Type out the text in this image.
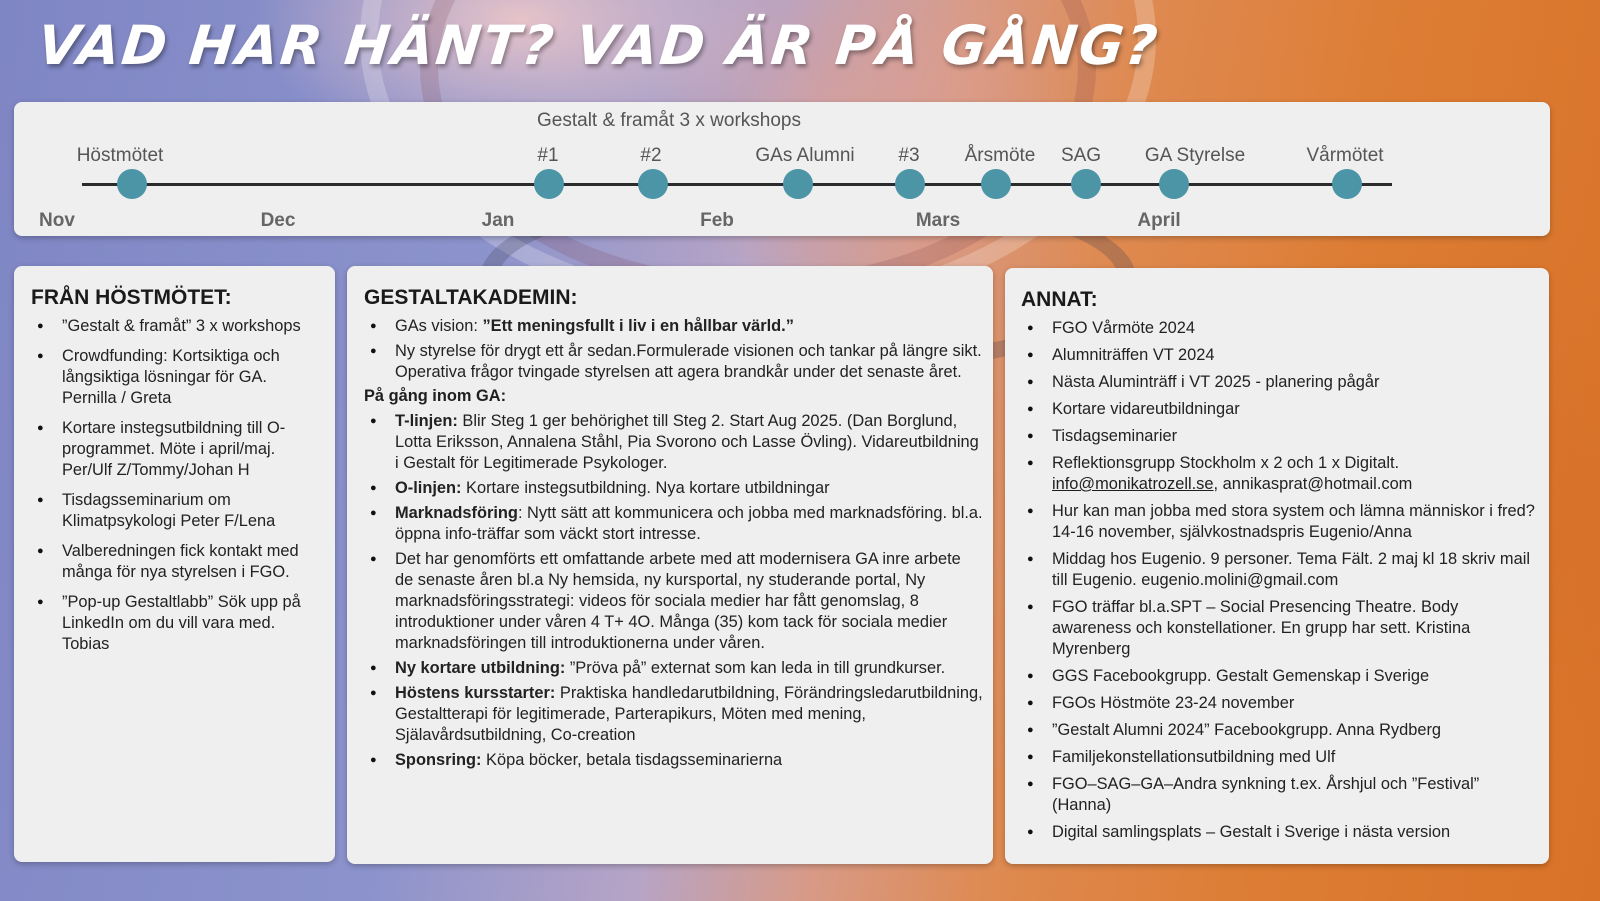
VAD HAR HÄNT? VAD ÄR PÅ GÅNG?
Gestalt & framåt 3 x workshops
Höstmötet	#1	#2	GAs Alumni #3 Årsmöte SAG GA Styrelse	Vårmötet
Nov	Dec	Jan	Feb	Mars	April
FRÅN HÖSTMÖTET:
● ”Gestalt & framåt” 3 x workshops
● Crowdfunding: Kortsiktiga och långsiktiga lösningar för GA. Pernilla / Greta
● Kortare instegsutbildning till O-programmet. Möte i april/maj. Per/Ulf Z/Tommy/Johan H
● Tisdagsseminarium om Klimatpsykologi Peter F/Lena
● Valberedningen fick kontakt med många för nya styrelsen i FGO.
● ”Pop-up Gestaltlabb” Sök upp på LinkedIn om du vill vara med. Tobias
GESTALTAKADEMIN:
● GAs vision: ”Ett meningsfullt i liv i en hållbar värld.”
● Ny styrelse för drygt ett år sedan.Formulerade visionen och tankar på längre sikt. Operativa frågor tvingade styrelsen att agera brandkår under det senaste året.
På gång inom GA:
● T-linjen: Blir Steg 1 ger behörighet till Steg 2. Start Aug 2025. (Dan Borglund, Lotta Eriksson, Annalena Ståhl, Pia Svorono och Lasse Övling). Vidareutbildning i Gestalt för Legitimerade Psykologer.
● O-linjen: Kortare instegsutbildning. Nya kortare utbildningar
● Marknadsföring: Nytt sätt att kommunicera och jobba med marknadsföring. bl.a. öppna info-träffar som väckt stort intresse.
● Det har genomförts ett omfattande arbete med att modernisera GA inre arbete de senaste åren bl.a Ny hemsida, ny kursportal, ny studerande portal, Ny marknadsföringsstrategi: videos för sociala medier har fått genomslag, 8 introduktioner under våren 4 T+ 4O. Många (35) kom tack för sociala medier marknadsföringen till introduktionerna under våren.
● Ny kortare utbildning: ”Pröva på” externat som kan leda in till grundkurser.
● Höstens kursstarter: Praktiska handledarutbildning, Förändringsledarutbildning, Gestaltterapi för legitimerade, Parterapikurs, Möten med mening, Själavårdsutbildning, Co-creation
● Sponsring: Köpa böcker, betala tisdagsseminarierna
ANNAT:
● FGO Vårmöte 2024
● Alumniträffen VT 2024
● Nästa Aluminträff i VT 2025 - planering pågår
● Kortare vidareutbildningar
● Tisdagseminarier
● Reflektionsgrupp Stockholm x 2 och 1 x Digitalt. info@monikatrozell.se, annikasprat@hotmail.com
● Hur kan man jobba med stora system och lämna människor i fred? 14-16 november, självkostnadspris Eugenio/Anna
● Middag hos Eugenio. 9 personer. Tema Fält. 2 maj kl 18 skriv mail till Eugenio. eugenio.molini@gmail.com
● FGO träffar bl.a.SPT – Social Presencing Theatre. Body awareness och konstellationer. En grupp har sett. Kristina Myrenberg
● GGS Facebookgrupp. Gestalt Gemenskap i Sverige
● FGOs Höstmöte 23-24 november
● ”Gestalt Alumni 2024” Facebookgrupp. Anna Rydberg
● Familjekonstellationsutbildning med Ulf
● FGO–SAG–GA–Andra synkning t.ex. Årshjul och ”Festival” (Hanna)
● Digital samlingsplats – Gestalt i Sverige i nästa version
